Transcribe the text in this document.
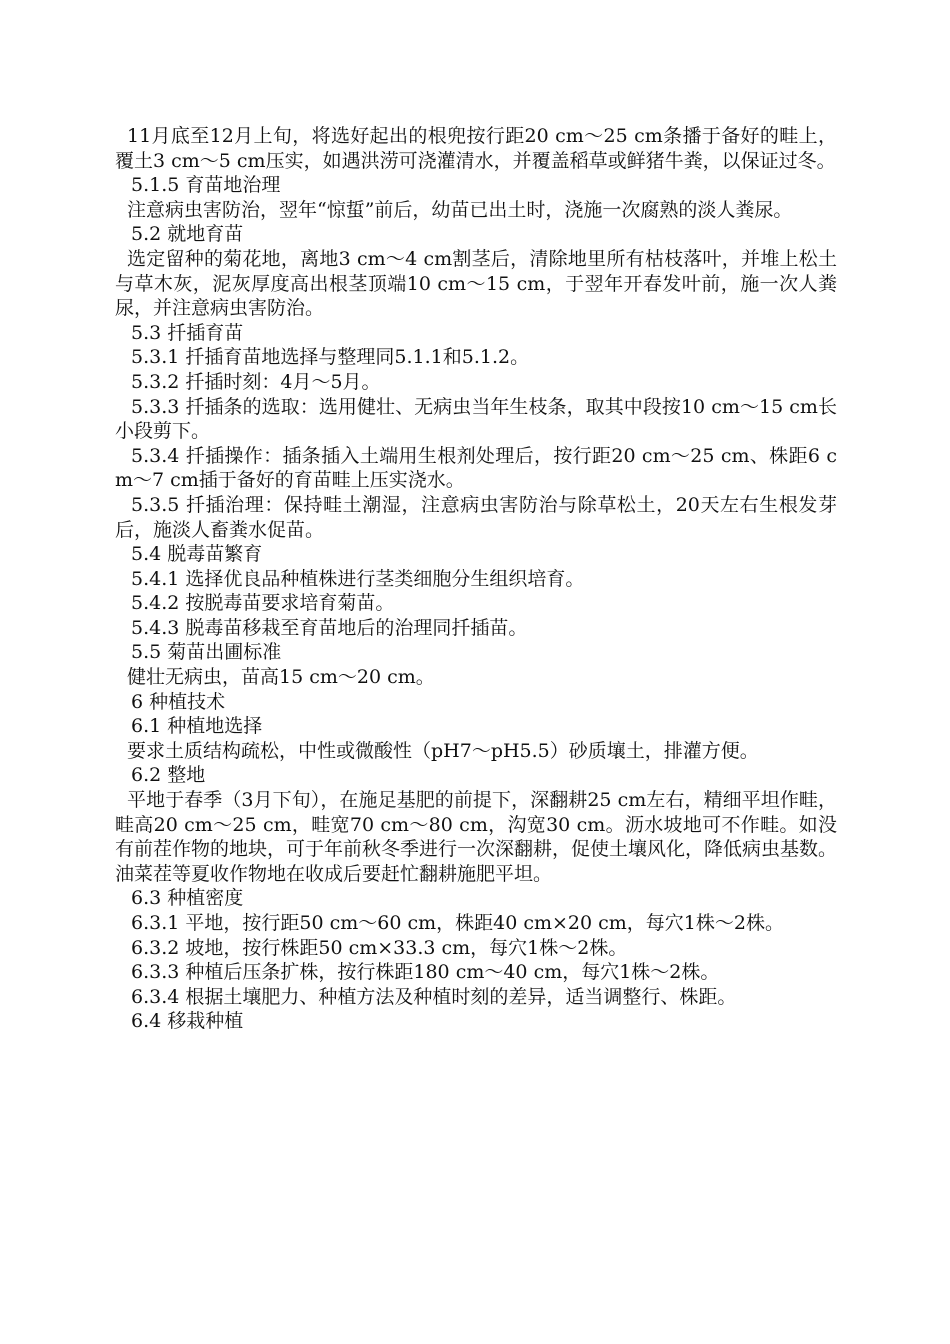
11月底至12月上旬，将选好起出的根兜按行距20 cm～25 cm条播于备好的畦上，覆土3 cm～5 cm压实，如遇洪涝可浇灌清水，并覆盖稻草或鲜猪牛粪，以保证过冬。

5.1.5 育苗地治理

注意病虫害防治，翌年“惊蜇”前后，幼苗已出土时，浇施一次腐熟的淡人粪尿。

5.2 就地育苗

选定留种的菊花地，离地3 cm～4 cm割茎后，清除地里所有枯枝落叶，并堆上松土与草木灰，泥灰厚度高出根茎顶端10 cm～15 cm，于翌年开春发叶前，施一次人粪尿，并注意病虫害防治。

5.3 扦插育苗

5.3.1 扦插育苗地选择与整理同5.1.1和5.1.2。

5.3.2 扦插时刻：4月～5月。

5.3.3 扦插条的选取：选用健壮、无病虫当年生枝条，取其中段按10 cm～15 cm长小段剪下。

5.3.4 扦插操作：插条插入土端用生根剂处理后，按行距20 cm～25 cm、株距6 cm～7 cm插于备好的育苗畦上压实浇水。

5.3.5 扦插治理：保持畦土潮湿，注意病虫害防治与除草松土，20天左右生根发芽后，施淡人畜粪水促苗。

5.4 脱毒苗繁育

5.4.1 选择优良品种植株进行茎类细胞分生组织培育。

5.4.2 按脱毒苗要求培育菊苗。

5.4.3 脱毒苗移栽至育苗地后的治理同扦插苗。

5.5 菊苗出圃标准

健壮无病虫，苗高15 cm～20 cm。

6 种植技术

6.1 种植地选择

要求土质结构疏松，中性或微酸性（pH7～pH5.5）砂质壤土，排灌方便。

6.2 整地

平地于春季（3月下旬），在施足基肥的前提下，深翻耕25 cm左右，精细平坦作畦，畦高20 cm～25 cm，畦宽70 cm～80 cm，沟宽30 cm。沥水坡地可不作畦。如没有前茬作物的地块，可于年前秋冬季进行一次深翻耕，促使土壤风化，降低病虫基数。油菜茬等夏收作物地在收成后要赶忙翻耕施肥平坦。

6.3 种植密度

6.3.1 平地，按行距50 cm～60 cm，株距40 cm×20 cm，每穴1株～2株。

6.3.2 坡地，按行株距50 cm×33.3 cm，每穴1株～2株。

6.3.3 种植后压条扩株，按行株距180 cm～40 cm，每穴1株～2株。

6.3.4 根据土壤肥力、种植方法及种植时刻的差异，适当调整行、株距。

6.4 移栽种植
